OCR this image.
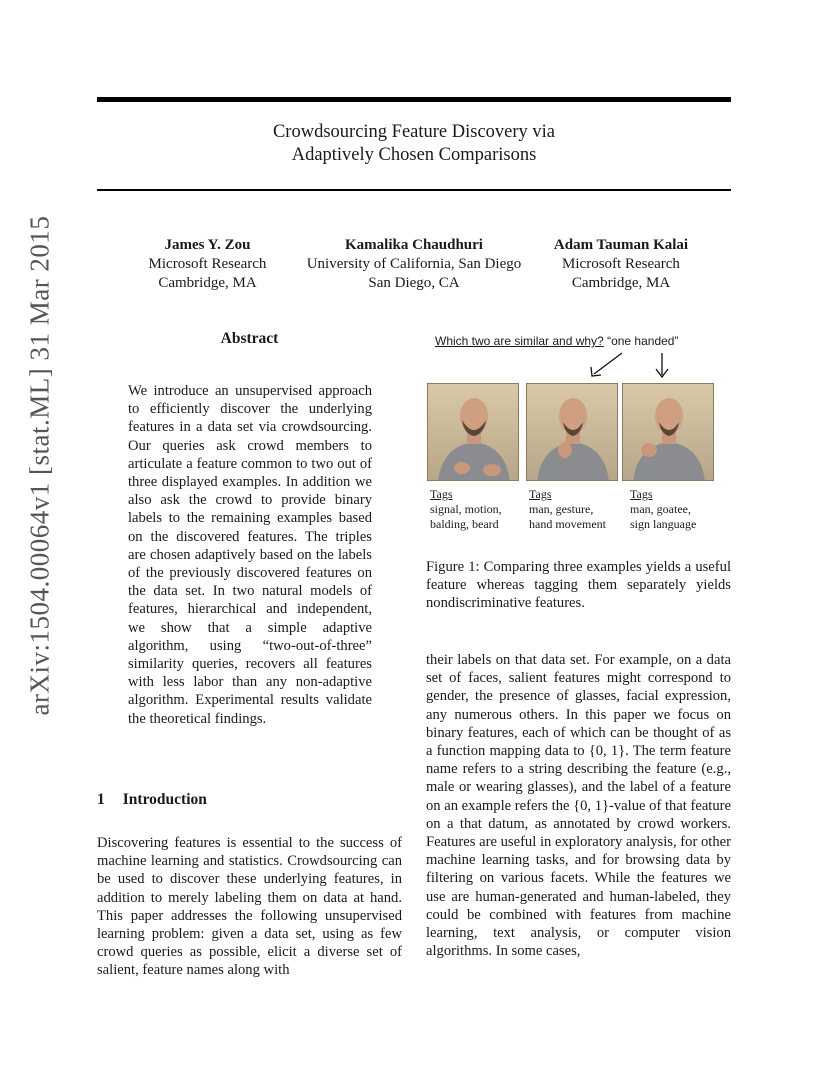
arXiv:1504.00064v1 [stat.ML] 31 Mar 2015
Crowdsourcing Feature Discovery via
Adaptively Chosen Comparisons
James Y. Zou
Microsoft Research
Cambridge, MA
Kamalika Chaudhuri
University of California, San Diego
San Diego, CA
Adam Tauman Kalai
Microsoft Research
Cambridge, MA
Abstract
We introduce an unsupervised approach to efficiently discover the underlying features in a data set via crowdsourcing. Our queries ask crowd members to articulate a feature common to two out of three displayed examples. In addition we also ask the crowd to provide binary labels to the remaining examples based on the discovered features. The triples are chosen adaptively based on the labels of the previously discovered features on the data set. In two natural models of features, hierarchical and independent, we show that a simple adaptive algorithm, using “two-out-of-three” similarity queries, recovers all features with less labor than any non-adaptive algorithm. Experimental results validate the theoretical findings.
1 Introduction
Discovering features is essential to the success of machine learning and statistics. Crowdsourcing can be used to discover these underlying features, in addition to merely labeling them on data at hand. This paper addresses the following unsupervised learning problem: given a data set, using as few crowd queries as possible, elicit a diverse set of salient, feature names along with
Which two are similar and why? “one handed”
Tags
signal, motion,
balding, beard
Tags
man, gesture,
hand movement
Tags
man, goatee,
sign language
Figure 1: Comparing three examples yields a useful feature whereas tagging them separately yields nondiscriminative features.
their labels on that data set. For example, on a data set of faces, salient features might correspond to gender, the presence of glasses, facial expression, any numerous others. In this paper we focus on binary features, each of which can be thought of as a function mapping data to {0, 1}. The term feature name refers to a string describing the feature (e.g., male or wearing glasses), and the label of a feature on an example refers the {0, 1}-value of that feature on a that datum, as annotated by crowd workers. Features are useful in exploratory analysis, for other machine learning tasks, and for browsing data by filtering on various facets. While the features we use are human-generated and human-labeled, they could be combined with features from machine learning, text analysis, or computer vision algorithms. In some cases,
